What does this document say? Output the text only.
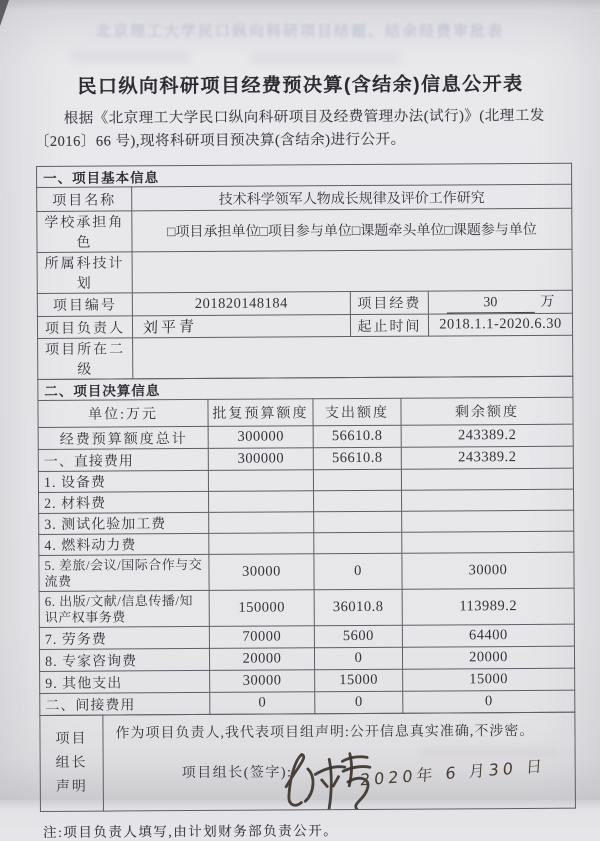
北京理工大学民口纵向科研项目结题、结余经费审批表
民口纵向科研项目经费预决算(含结余)信息公开表

根据《北京理工大学民口纵向科研项目及经费管理办法(试行)》(北理工发〔2016〕66 号),现将科研项目预决算(含结余)进行公开。

一、项目基本信息			
项目名称	技术科学领军人物成长规律及评价工作研究		
学校承担角色	□项目承担单位□项目参与单位□课题牵头单位□课题参与单位		
所属科技计划			
项目编号	201820148184	项目经费	30 万
项目负责人	刘平青	起止时间	2018.1.1-2020.6.30
项目所在二级			
二、项目决算信息			
单位:万元	批复预算额度	支出额度	剩余额度
经费预算额度总计	300000	56610.8	243389.2
一、直接费用	300000	56610.8	243389.2
1. 设备费			
2. 材料费			
3. 测试化验加工费			
4. 燃料动力费			
5. 差旅/会议/国际合作与交流费	30000	0	30000
6. 出版/文献/信息传播/知识产权事务费	150000	36010.8	113989.2
7. 劳务费	70000	5600	64400
8. 专家咨询费	20000	0	20000
9. 其他支出	30000	15000	15000
二、间接费用	0	0	0
项目
组长
声明

作为项目负责人,我代表项目组声明:公开信息真实准确,不涉密。
项目组长(签字):	2020年 6 月30 日

注:项目负责人填写,由计划财务部负责公开。
